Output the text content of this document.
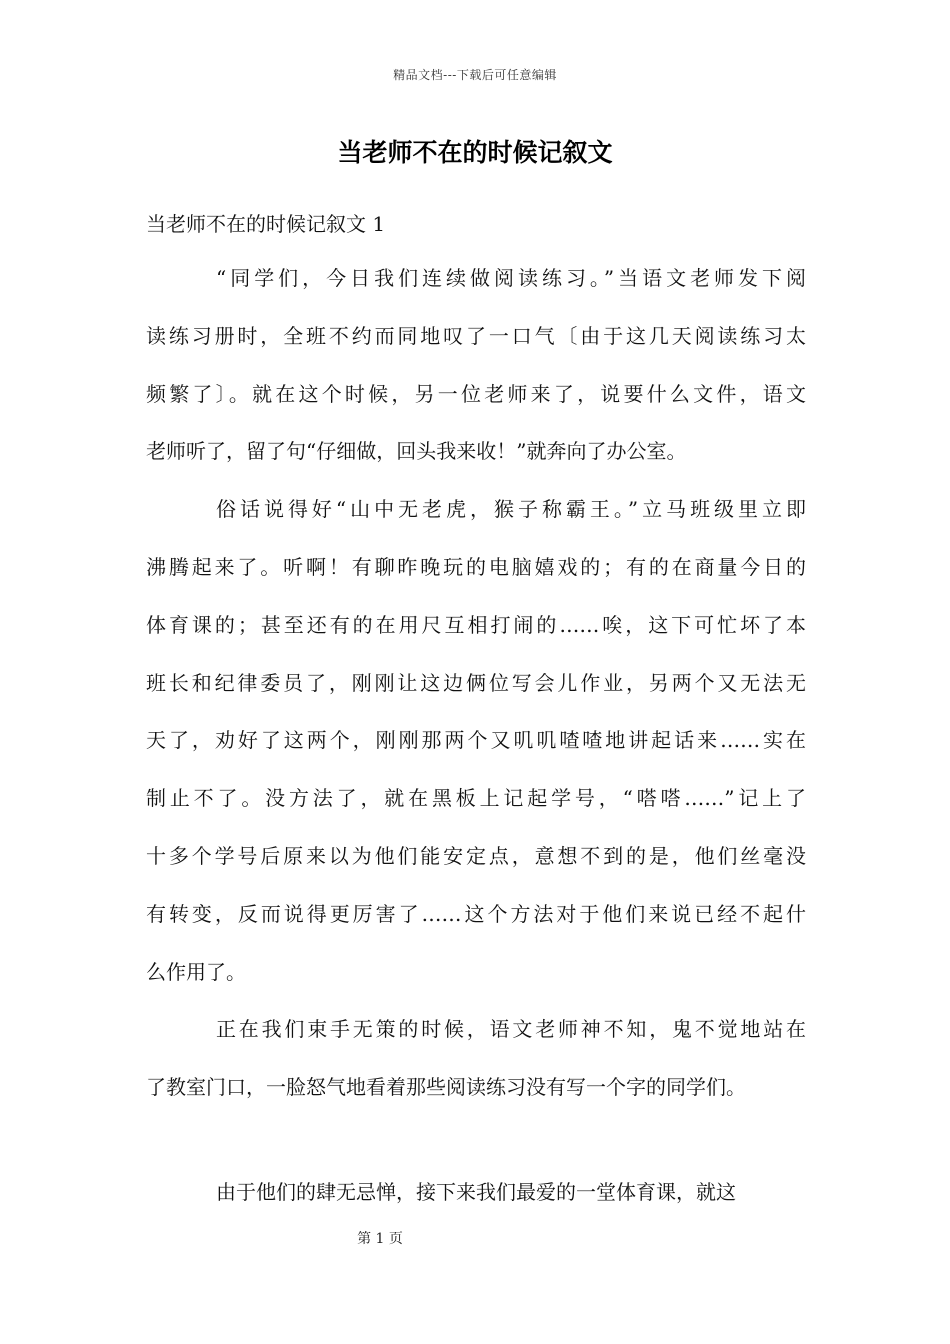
精品文档---下载后可任意编辑
当老师不在的时候记叙文
当老师不在的时候记叙文 1
“同学们，今日我们连续做阅读练习。”当语文老师发下阅
读练习册时，全班不约而同地叹了一口气〔由于这几天阅读练习太
频繁了〕。就在这个时候，另一位老师来了，说要什么文件，语文
老师听了，留了句“仔细做，回头我来收！”就奔向了办公室。
俗话说得好“山中无老虎，猴子称霸王。”立马班级里立即
沸腾起来了。听啊！有聊昨晚玩的电脑嬉戏的；有的在商量今日的
体育课的；甚至还有的在用尺互相打闹的……唉，这下可忙坏了本
班长和纪律委员了，刚刚让这边俩位写会儿作业，另两个又无法无
天了，劝好了这两个，刚刚那两个又叽叽喳喳地讲起话来……实在
制止不了。没方法了，就在黑板上记起学号，“嗒嗒……”记上了
十多个学号后原来以为他们能安定点，意想不到的是，他们丝毫没
有转变，反而说得更厉害了……这个方法对于他们来说已经不起什
么作用了。
正在我们束手无策的时候，语文老师神不知，鬼不觉地站在
了教室门口，一脸怒气地看着那些阅读练习没有写一个字的同学们。
由于他们的肆无忌惮，接下来我们最爱的一堂体育课，就这
第 1 页
